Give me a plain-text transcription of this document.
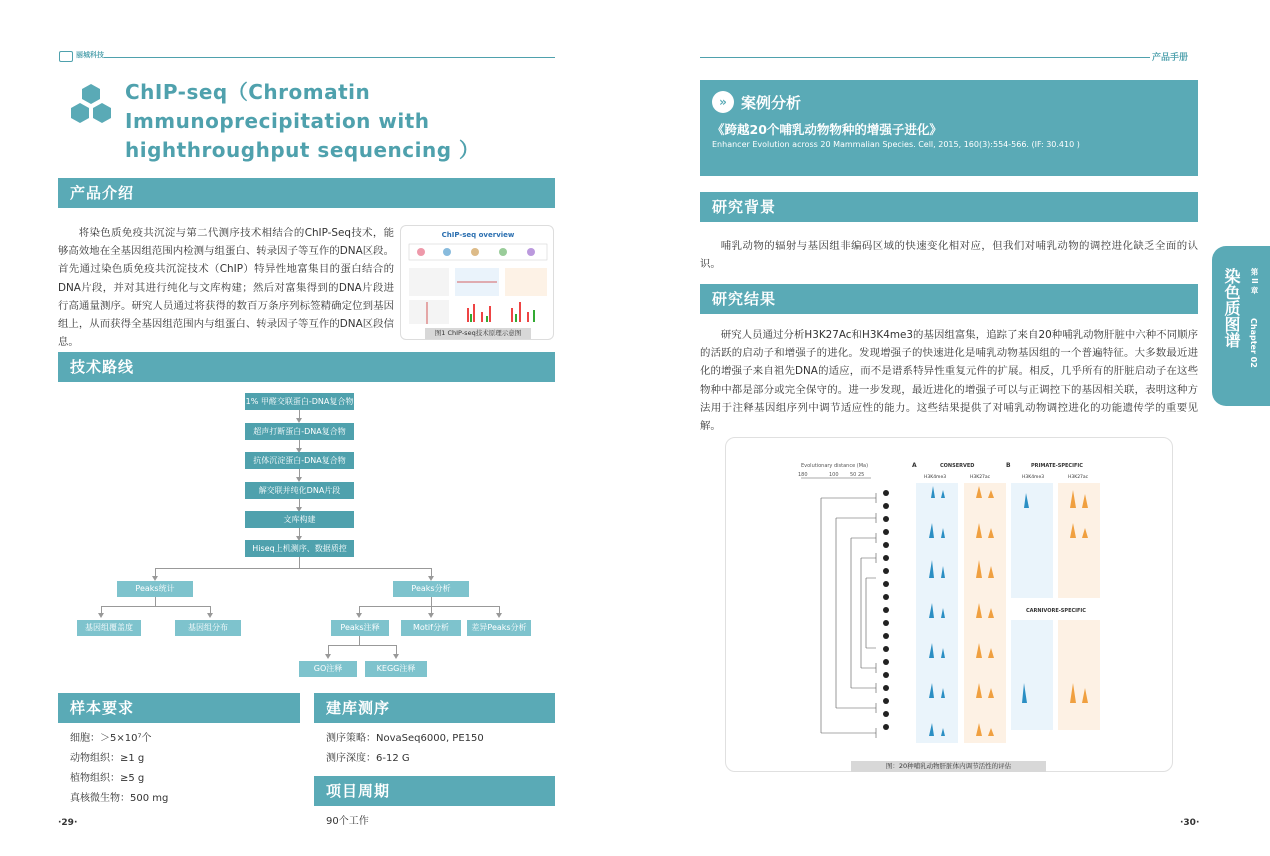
丽城科技
ChIP-seq（Chromatin
Immunoprecipitation with
highthroughput sequencing ）
产品介绍
将染色质免疫共沉淀与第二代测序技术相结合的ChIP-Seq技术，能够高效地在全基因组范围内检测与组蛋白、转录因子等互作的DNA区段。首先通过染色质免疫共沉淀技术（ChIP）特异性地富集目的蛋白结合的DNA片段，并对其进行纯化与文库构建；然后对富集得到的DNA片段进行高通量测序。研究人员通过将获得的数百万条序列标签精确定位到基因组上，从而获得全基因组范围内与组蛋白、转录因子等互作的DNA区段信息。
ChIP-seq overview
图1 ChIP-seq技术原理示意图
技术路线
1% 甲醛交联蛋白-DNA复合物
超声打断蛋白-DNA复合物
抗体沉淀蛋白-DNA复合物
解交联并纯化DNA片段
文库构建
Hiseq上机测序、数据质控
Peaks统计	Peaks分析
基因组覆盖度	基因组分布	Peaks注释	Motif分析	差异Peaks分析
GO注释	KEGG注释
样本要求
细胞：＞5×10⁷个
动物组织：≥1 g
植物组织：≥5 g
真核微生物：500 mg
建库测序
测序策略：NovaSeq6000, PE150
测序深度：6-12 G
项目周期
90个工作
·29·
产品手册
» 案例分析
《跨越20个哺乳动物物种的增强子进化》
Enhancer Evolution across 20 Mammalian Species. Cell, 2015, 160(3):554-566. (IF: 30.410 )
研究背景
哺乳动物的辐射与基因组非编码区域的快速变化相对应，但我们对哺乳动物的调控进化缺乏全面的认识。
研究结果
研究人员通过分析H3K27Ac和H3K4me3的基因组富集，追踪了来自20种哺乳动物肝脏中六种不同顺序的活跃的启动子和增强子的进化。发现增强子的快速进化是哺乳动物基因组的一个普遍特征。大多数最近进化的增强子来自祖先DNA的适应，而不是谱系特异性重复元件的扩展。相反，几乎所有的肝脏启动子在这些物种中都是部分或完全保守的。进一步发现，最近进化的增强子可以与正调控下的基因相关联，表明这种方法用于注释基因组序列中调节适应性的能力。这些结果提供了对哺乳动物调控进化的功能遗传学的重要见解。
Evolutionary distance (Ma)
180	100 50 25
A	CONSERVED	B	PRIMATE-SPECIFIC
H3K4me3	H3K27ac	H3K4me3	H3K27ac
CARNIVORE-SPECIFIC
图：20种哺乳动物肝脏体内调节活性的评估
染色质图谱 第 II 章
Chapter 02
·30·
